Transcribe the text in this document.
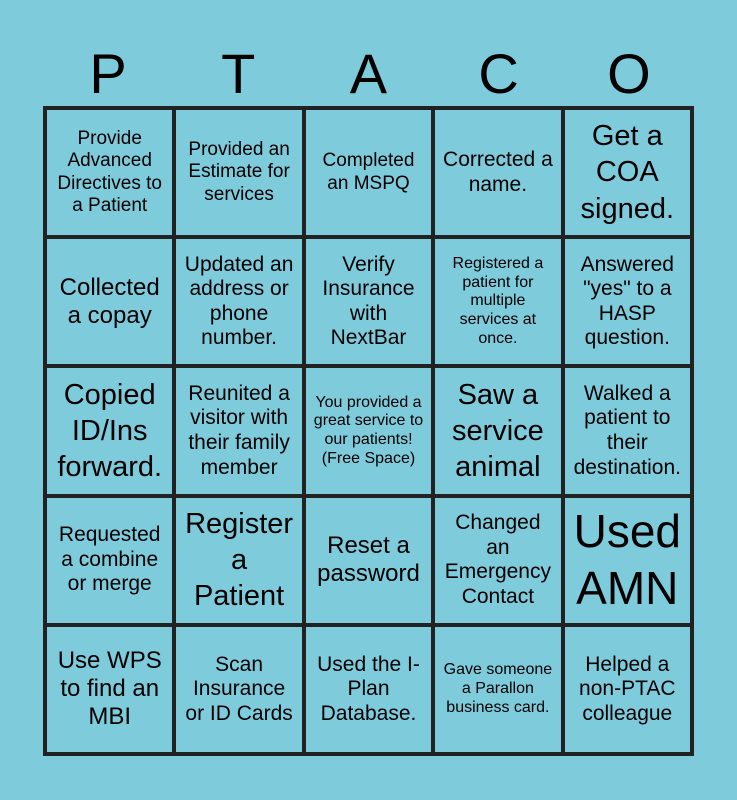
P	T	A	C	O
Provide Advanced Directives to a Patient
Provided an Estimate for services
Completed an MSPQ
Corrected a name.
Get a COA signed.
Collected a copay
Updated an address or phone number.
Verify Insurance with NextBar
Registered a patient for multiple services at once.
Answered "yes" to a HASP question.
Copied ID/Ins forward.
Reunited a visitor with their family member
You provided a great service to our patients! (Free Space)
Saw a service animal
Walked a patient to their destination.
Requested a combine or merge
Register a Patient
Reset a password
Changed an Emergency Contact
Used AMN
Use WPS to find an MBI
Scan Insurance or ID Cards
Used the I-Plan Database.
Gave someone a Parallon business card.
Helped a non-PTAC colleague
